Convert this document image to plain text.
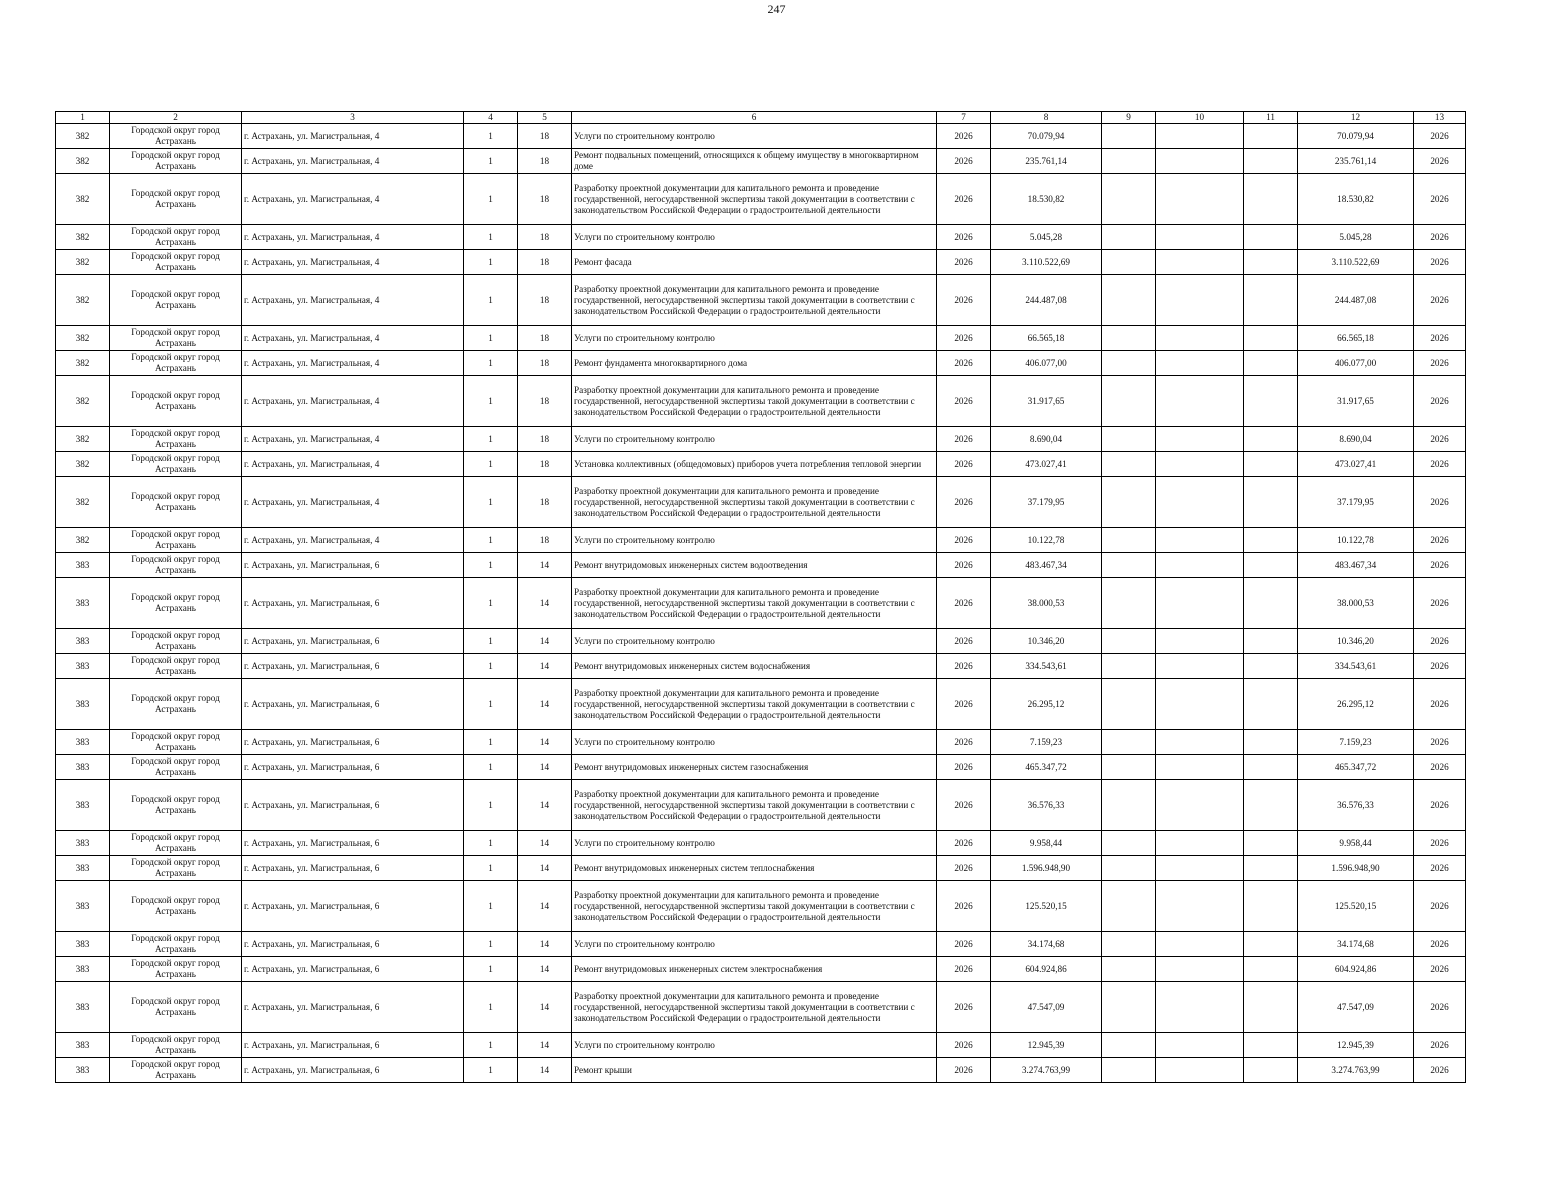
247
1	2	3	4	5	6	7	8	9	10	11	12	13
382	Городской округ город Астрахань	г. Астрахань, ул. Магистральная, 4	1	18	Услуги по строительному контролю	2026	70.079,94				70.079,94	2026
382	Городской округ город Астрахань	г. Астрахань, ул. Магистральная, 4	1	18	Ремонт подвальных помещений, относящихся к общему имуществу в многоквартирном доме	2026	235.761,14				235.761,14	2026
382	Городской округ город Астрахань	г. Астрахань, ул. Магистральная, 4	1	18	Разработку проектной документации для капитального ремонта и проведение государственной, негосударственной экспертизы такой документации в соответствии с законодательством Российской Федерации о градостроительной деятельности	2026	18.530,82				18.530,82	2026
382	Городской округ город Астрахань	г. Астрахань, ул. Магистральная, 4	1	18	Услуги по строительному контролю	2026	5.045,28				5.045,28	2026
382	Городской округ город Астрахань	г. Астрахань, ул. Магистральная, 4	1	18	Ремонт фасада	2026	3.110.522,69				3.110.522,69	2026
382	Городской округ город Астрахань	г. Астрахань, ул. Магистральная, 4	1	18	Разработку проектной документации для капитального ремонта и проведение государственной, негосударственной экспертизы такой документации в соответствии с законодательством Российской Федерации о градостроительной деятельности	2026	244.487,08				244.487,08	2026
382	Городской округ город Астрахань	г. Астрахань, ул. Магистральная, 4	1	18	Услуги по строительному контролю	2026	66.565,18				66.565,18	2026
382	Городской округ город Астрахань	г. Астрахань, ул. Магистральная, 4	1	18	Ремонт фундамента многоквартирного дома	2026	406.077,00				406.077,00	2026
382	Городской округ город Астрахань	г. Астрахань, ул. Магистральная, 4	1	18	Разработку проектной документации для капитального ремонта и проведение государственной, негосударственной экспертизы такой документации в соответствии с законодательством Российской Федерации о градостроительной деятельности	2026	31.917,65				31.917,65	2026
382	Городской округ город Астрахань	г. Астрахань, ул. Магистральная, 4	1	18	Услуги по строительному контролю	2026	8.690,04				8.690,04	2026
382	Городской округ город Астрахань	г. Астрахань, ул. Магистральная, 4	1	18	Установка коллективных (общедомовых) приборов учета потребления тепловой энергии	2026	473.027,41				473.027,41	2026
382	Городской округ город Астрахань	г. Астрахань, ул. Магистральная, 4	1	18	Разработку проектной документации для капитального ремонта и проведение государственной, негосударственной экспертизы такой документации в соответствии с законодательством Российской Федерации о градостроительной деятельности	2026	37.179,95				37.179,95	2026
382	Городской округ город Астрахань	г. Астрахань, ул. Магистральная, 4	1	18	Услуги по строительному контролю	2026	10.122,78				10.122,78	2026
383	Городской округ город Астрахань	г. Астрахань, ул. Магистральная, 6	1	14	Ремонт внутридомовых инженерных систем водоотведения	2026	483.467,34				483.467,34	2026
383	Городской округ город Астрахань	г. Астрахань, ул. Магистральная, 6	1	14	Разработку проектной документации для капитального ремонта и проведение государственной, негосударственной экспертизы такой документации в соответствии с законодательством Российской Федерации о градостроительной деятельности	2026	38.000,53				38.000,53	2026
383	Городской округ город Астрахань	г. Астрахань, ул. Магистральная, 6	1	14	Услуги по строительному контролю	2026	10.346,20				10.346,20	2026
383	Городской округ город Астрахань	г. Астрахань, ул. Магистральная, 6	1	14	Ремонт внутридомовых инженерных систем водоснабжения	2026	334.543,61				334.543,61	2026
383	Городской округ город Астрахань	г. Астрахань, ул. Магистральная, 6	1	14	Разработку проектной документации для капитального ремонта и проведение государственной, негосударственной экспертизы такой документации в соответствии с законодательством Российской Федерации о градостроительной деятельности	2026	26.295,12				26.295,12	2026
383	Городской округ город Астрахань	г. Астрахань, ул. Магистральная, 6	1	14	Услуги по строительному контролю	2026	7.159,23				7.159,23	2026
383	Городской округ город Астрахань	г. Астрахань, ул. Магистральная, 6	1	14	Ремонт внутридомовых инженерных систем газоснабжения	2026	465.347,72				465.347,72	2026
383	Городской округ город Астрахань	г. Астрахань, ул. Магистральная, 6	1	14	Разработку проектной документации для капитального ремонта и проведение государственной, негосударственной экспертизы такой документации в соответствии с законодательством Российской Федерации о градостроительной деятельности	2026	36.576,33				36.576,33	2026
383	Городской округ город Астрахань	г. Астрахань, ул. Магистральная, 6	1	14	Услуги по строительному контролю	2026	9.958,44				9.958,44	2026
383	Городской округ город Астрахань	г. Астрахань, ул. Магистральная, 6	1	14	Ремонт внутридомовых инженерных систем теплоснабжения	2026	1.596.948,90				1.596.948,90	2026
383	Городской округ город Астрахань	г. Астрахань, ул. Магистральная, 6	1	14	Разработку проектной документации для капитального ремонта и проведение государственной, негосударственной экспертизы такой документации в соответствии с законодательством Российской Федерации о градостроительной деятельности	2026	125.520,15				125.520,15	2026
383	Городской округ город Астрахань	г. Астрахань, ул. Магистральная, 6	1	14	Услуги по строительному контролю	2026	34.174,68				34.174,68	2026
383	Городской округ город Астрахань	г. Астрахань, ул. Магистральная, 6	1	14	Ремонт внутридомовых инженерных систем электроснабжения	2026	604.924,86				604.924,86	2026
383	Городской округ город Астрахань	г. Астрахань, ул. Магистральная, 6	1	14	Разработку проектной документации для капитального ремонта и проведение государственной, негосударственной экспертизы такой документации в соответствии с законодательством Российской Федерации о градостроительной деятельности	2026	47.547,09				47.547,09	2026
383	Городской округ город Астрахань	г. Астрахань, ул. Магистральная, 6	1	14	Услуги по строительному контролю	2026	12.945,39				12.945,39	2026
383	Городской округ город Астрахань	г. Астрахань, ул. Магистральная, 6	1	14	Ремонт крыши	2026	3.274.763,99				3.274.763,99	2026
